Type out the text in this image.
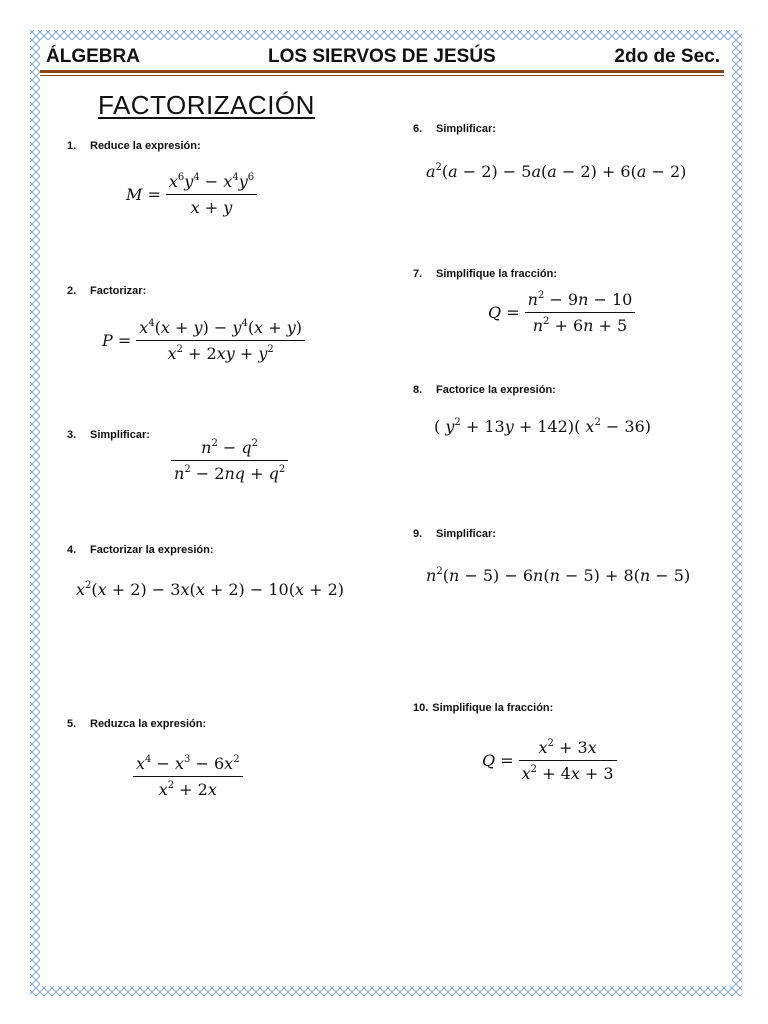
ÁLGEBRA	LOS SIERVOS DE JESÚS	2do de Sec.
FACTORIZACIÓN
1. Reduce la expresión:
$M = \frac{x^6y^4 - x^4y^6}{x + y}$
2. Factorizar:
$P = \frac{x^4(x + y) - y^4(x + y)}{x^2 + 2xy + y^2}$
3. Simplificar:
$\frac{n^2 - q^2}{n^2 - 2nq + q^2}$
4. Factorizar la expresión:
$x^2(x + 2) - 3x(x + 2) - 10(x + 2)$
5. Reduzca la expresión:
$\frac{x^4 - x^3 - 6x^2}{x^2 + 2x}$
6. Simplificar:
$a^2(a - 2) - 5a(a - 2) + 6(a - 2)$
7. Simplifique la fracción:
$Q = \frac{n^2 - 9n - 10}{n^2 + 6n + 5}$
8. Factorice la expresión:
( $y^2 + 13y + 142$)( $x^2 - 36$)
9. Simplificar:
$n^2(n - 5) - 6n(n - 5) + 8(n - 5)$
10. Simplifique la fracción:
$Q = \frac{x^2 + 3x}{x^2 + 4x + 3}$
